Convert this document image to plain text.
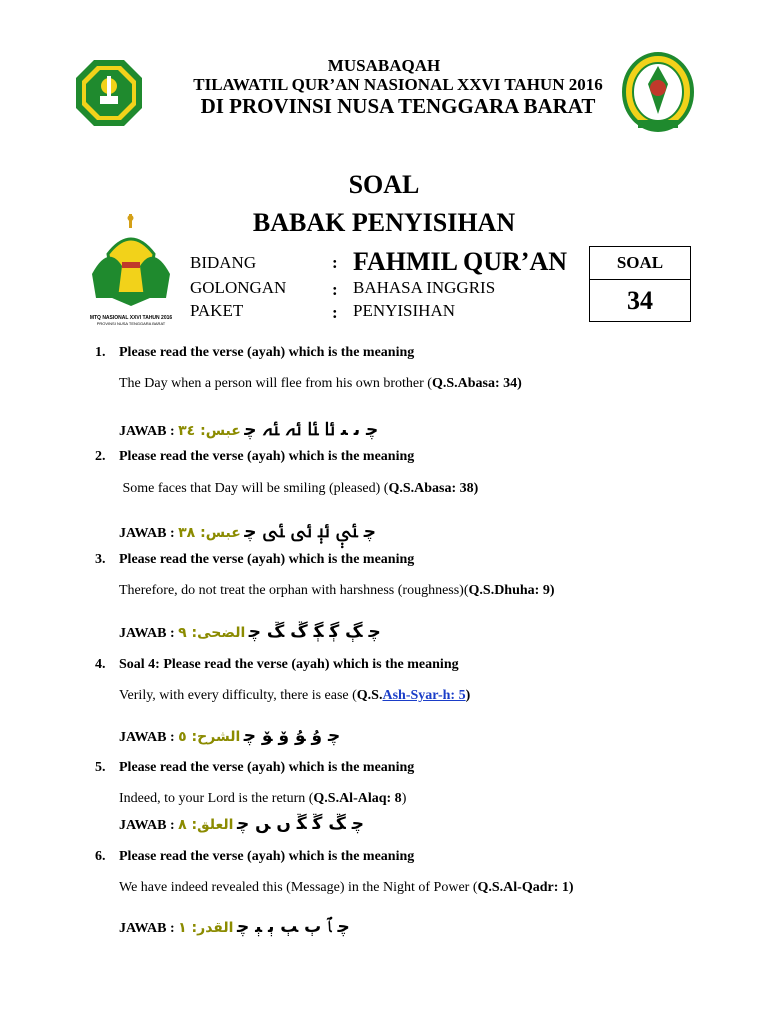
MUSABAQAH
TILAWATIL QUR’AN NASIONAL XXVI TAHUN 2016
DI PROVINSI NUSA TENGGARA BARAT
SOAL
BABAK PENYISIHAN
MTQ NASIONAL XXVI TAHUN 2016
PROVINSI NUSA TENGGARA BARAT
BIDANG	: FAHMIL QUR’AN
GOLONGAN	: BAHASA INGGRIS
PAKET	: PENYISIHAN
SOAL
34
1. Please read the verse (ayah) which is the meaning
The Day when a person will flee from his own brother (Q.S.Abasa: 34)
JAWAB : عبس: ٣٤ ﭼ ﯨ ﯩ ﯪ ﯫ ﯬ ﯭ ﭼ
2. Please read the verse (ayah) which is the meaning
Some faces that Day will be smiling (pleased) (Q.S.Abasa: 38)
JAWAB : عبس: ٣٨ ﭼ ﯷ ﯸ ﯹ ﯺ ﭼ
3. Please read the verse (ayah) which is the meaning
Therefore, do not treat the orphan with harshness (roughness)(Q.S.Dhuha: 9)
JAWAB : الضحى: ٩ ﭼ ﮗ ﮘ ﮙ ﮚ ﮛ ﭼ
4. Soal 4: Please read the verse (ayah) which is the meaning
Verily, with every difficulty, there is ease (Q.S.Ash-Syar-h: 5)
JAWAB : الشرح: ٥ ﭼ ﯗ ﯘ ﯙ ﯚ ﭼ
5. Please read the verse (ayah) which is the meaning
Indeed, to your Lord is the return (Q.S.Al-Alaq: 8)
JAWAB : العلق: ٨ ﭼ ﮛ ﮜ ﮝ ﮞ ﮟ ﭼ
6. Please read the verse (ayah) which is the meaning
We have indeed revealed this (Message) in the Night of Power (Q.S.Al-Qadr: 1)
JAWAB : القدر: ١ ﭼ ﭑ ﭒ ﭓ ﭔ ﭕ ﭼ
